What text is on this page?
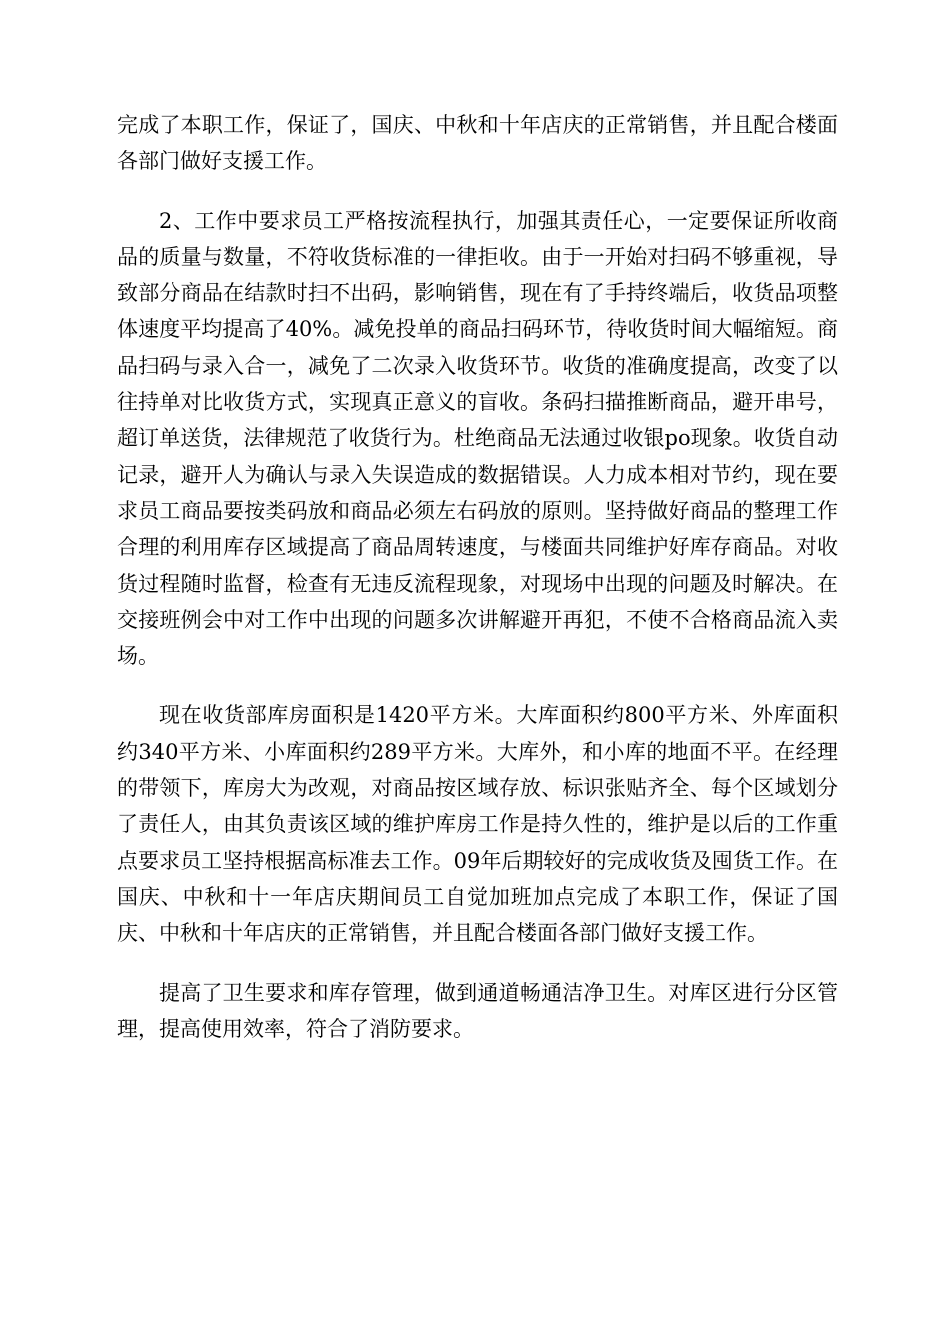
完成了本职工作，保证了，国庆、中秋和十年店庆的正常销售，并且配合楼面各部门做好支援工作。

2、工作中要求员工严格按流程执行，加强其责任心，一定要保证所收商品的质量与数量，不符收货标准的一律拒收。由于一开始对扫码不够重视，导致部分商品在结款时扫不出码，影响销售，现在有了手持终端后，收货品项整体速度平均提高了40%。减免投单的商品扫码环节，待收货时间大幅缩短。商品扫码与录入合一，减免了二次录入收货环节。收货的准确度提高，改变了以往持单对比收货方式，实现真正意义的盲收。条码扫描推断商品，避开串号，超订单送货，法律规范了收货行为。杜绝商品无法通过收银po现象。收货自动记录，避开人为确认与录入失误造成的数据错误。人力成本相对节约，现在要求员工商品要按类码放和商品必须左右码放的原则。坚持做好商品的整理工作合理的利用库存区域提高了商品周转速度，与楼面共同维护好库存商品。对收货过程随时监督，检查有无违反流程现象，对现场中出现的问题及时解决。在交接班例会中对工作中出现的问题多次讲解避开再犯，不使不合格商品流入卖场。

现在收货部库房面积是1420平方米。大库面积约800平方米、外库面积约340平方米、小库面积约289平方米。大库外，和小库的地面不平。在经理的带领下，库房大为改观，对商品按区域存放、标识张贴齐全、每个区域划分了责任人，由其负责该区域的维护库房工作是持久性的，维护是以后的工作重点要求员工坚持根据高标准去工作。09年后期较好的完成收货及囤货工作。在国庆、中秋和十一年店庆期间员工自觉加班加点完成了本职工作，保证了国庆、中秋和十年店庆的正常销售，并且配合楼面各部门做好支援工作。

提高了卫生要求和库存管理，做到通道畅通洁净卫生。对库区进行分区管理，提高使用效率，符合了消防要求。
